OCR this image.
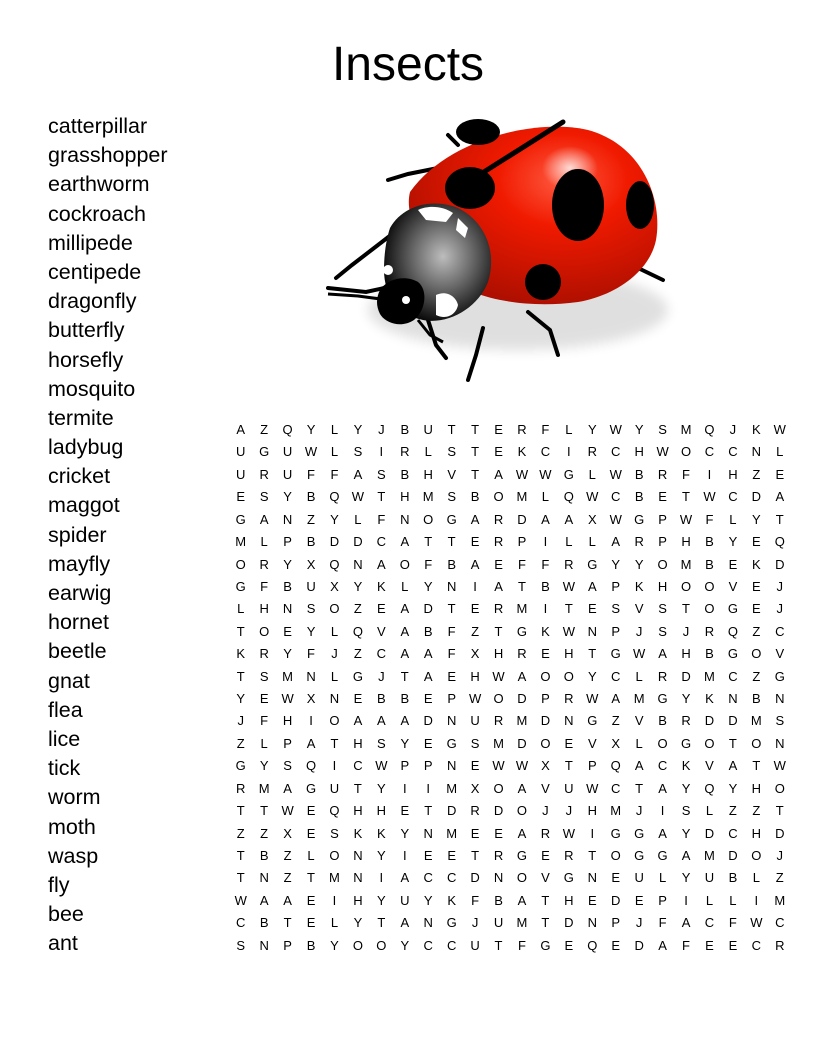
Insects
catterpillar
grasshopper
earthworm
cockroach
millipede
centipede
dragonfly
butterfly
horsefly
mosquito
termite
ladybug
cricket
maggot
spider
mayfly
earwig
hornet
beetle
gnat
flea
lice
tick
worm
moth
wasp
fly
bee
ant
A	Z	Q	Y	L	Y	J	B	U	T	T	E	R	F	L	Y W Y	S	M Q	J	K W
U	G	U W	L	S	I	R	L	S	T	E	K	C	I	R	C	H W O	C	C	N	L
U	R	U	F	F	A	S	B	H	V	T	A W W G	L	W B	R	F	I	H	Z	E
E	S	Y	B	Q W	T	H	M	S	B	O M	L	Q W C	B	E	T	W C	D	A
G	A	N	Z	Y	L	F	N	O	G	A	R	D	A	A	X W G	P W	F	L	Y	T
M	L	P	B	D	D	C	A	T	T	E	R	P	I	L	L	A	R	P	H	B	Y	E	Q
O	R	Y	X	Q	N	A	O	F	B	A	E	F	F	R	G	Y	Y	O M	B	E	K	D
G	F	B	U	X	Y	K	L	Y	N	I	A	T	B W A	P	K	H	O	O	V	E	J
L	H	N	S	O	Z	E	A	D	T	E	R	M	I	T	E	S	V	S	T	O	G	E	J
T	O	E	Y	L	Q	V	A	B	F	Z	T	G	K W N	P	J	S	J	R	Q	Z	C
K	R	Y	F	J	Z	C	A	A	F	X	H	R	E	H	T	G W A	H	B	G	O	V
T	S	M	N	L	G	J	T	A	E	H W A	O	O	Y	C	L	R	D	M	C	Z	G
Y	E W X	N	E	B	B	E	P W O	D	P	R W A	M G	Y	K	N	B	N
J	F	H	I	O	A	A	A	D	N	U	R	M	D	N	G	Z	V	B	R	D	D	M	S
Z	L	P	A	T	H	S	Y	E	G	S	M	D	O	E	V	X	L	O	G	O	T	O	N
G	Y	S	Q	I	C W P	P	N	E W W X	T	P	Q	A	C	K	V	A	T	W
R	M	A	G	U	T	Y	I	I	M	X	O	A	V	U W C	T	A	Y	Q	Y	H	O
T	T	W E	Q	H	H	E	T	D	R	D	O	J	J	H	M	J	I	S	L	Z	Z	T
Z	Z	X	E	S	K	K	Y	N	M	E	E	A	R W	I	G	G	A	Y	D	C	H	D
T	B	Z	L	O	N	Y	I	E	E	T	R	G	E	R	T	O	G	G	A	M	D	O	J
T	N	Z	T	M	N	I	A	C	C	D	N	O	V	G	N	E	U	L	Y	U	B	L	Z
W A	A	E	I	H	Y	U	Y	K	F	B	A	T	H	E	D	E	P	I	L	L	I	M
C	B	T	E	L	Y	T	A	N	G	J	U	M	T	D	N	P	J	F	A	C	F	W C
S	N	P	B	Y	O	O	Y	C	C	U	T	F	G	E	Q	E	D	A	F	E	E	C	R
